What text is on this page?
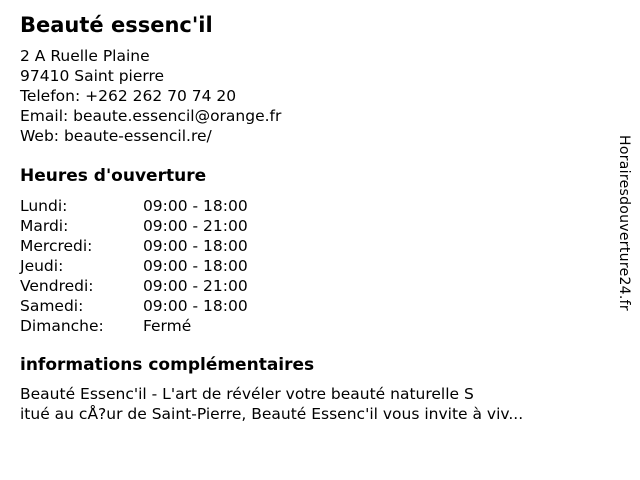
Beauté essenc'il
2 A Ruelle Plaine
97410 Saint pierre
Telefon: +262 262 70 74 20
Email: beaute.essencil@orange.fr
Web: beaute-essencil.re/
Heures d'ouverture
Lundi:	09:00 - 18:00
Mardi:	09:00 - 21:00
Mercredi:	09:00 - 18:00
Jeudi:	09:00 - 18:00
Vendredi:	09:00 - 21:00
Samedi:	09:00 - 18:00
Dimanche:	Fermé
informations complémentaires
Beauté Essenc'il - L'art de révéler votre beauté naturelle S
itué au cÅ?ur de Saint-Pierre, Beauté Essenc'il vous invite à viv...
Horairesdouverture24.fr
